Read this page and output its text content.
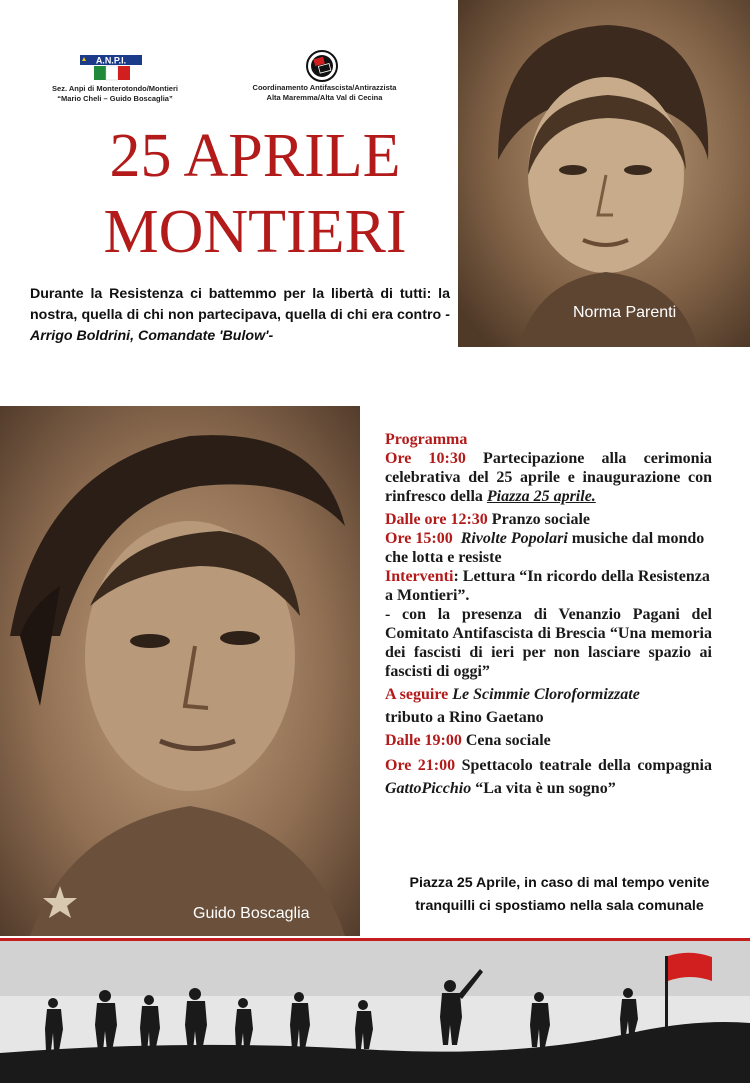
A.N.P.I.
Sez. Anpi di Monterotondo/Montieri
“Mario Cheli – Guido Boscaglia”
Coordinamento Antifascista/Antirazzista
Alta Maremma/Alta Val di Cecina
25 APRILE
MONTIERI
Durante la Resistenza ci battemmo per la libertà di tutti: la nostra, quella di chi non partecipava, quella di chi era contro -Arrigo Boldrini, Comandate 'Bulow'-
Norma Parenti
Guido Boscaglia

Programma

Ore 10:30 Partecipazione alla cerimonia celebrativa del 25 aprile e inaugurazione con rinfresco della Piazza 25 aprile.

Dalle ore 12:30 Pranzo sociale

Ore 15:00 Rivolte Popolari musiche dal mondo che lotta e resiste

Interventi: Lettura “In ricordo della Resistenza a Montieri”.

- con la presenza di Venanzio Pagani del Comitato Antifascista di Brescia “Una memoria dei fascisti di ieri per non lasciare spazio ai fascisti di oggi”

A seguire Le Scimmie Cloroformizzate

tributo a Rino Gaetano

Dalle 19:00 Cena sociale

Ore 21:00 Spettacolo teatrale della compagnia GattoPicchio “La vita è un sogno”

Piazza 25 Aprile, in caso di mal tempo venite
tranquilli ci spostiamo nella sala comunale
